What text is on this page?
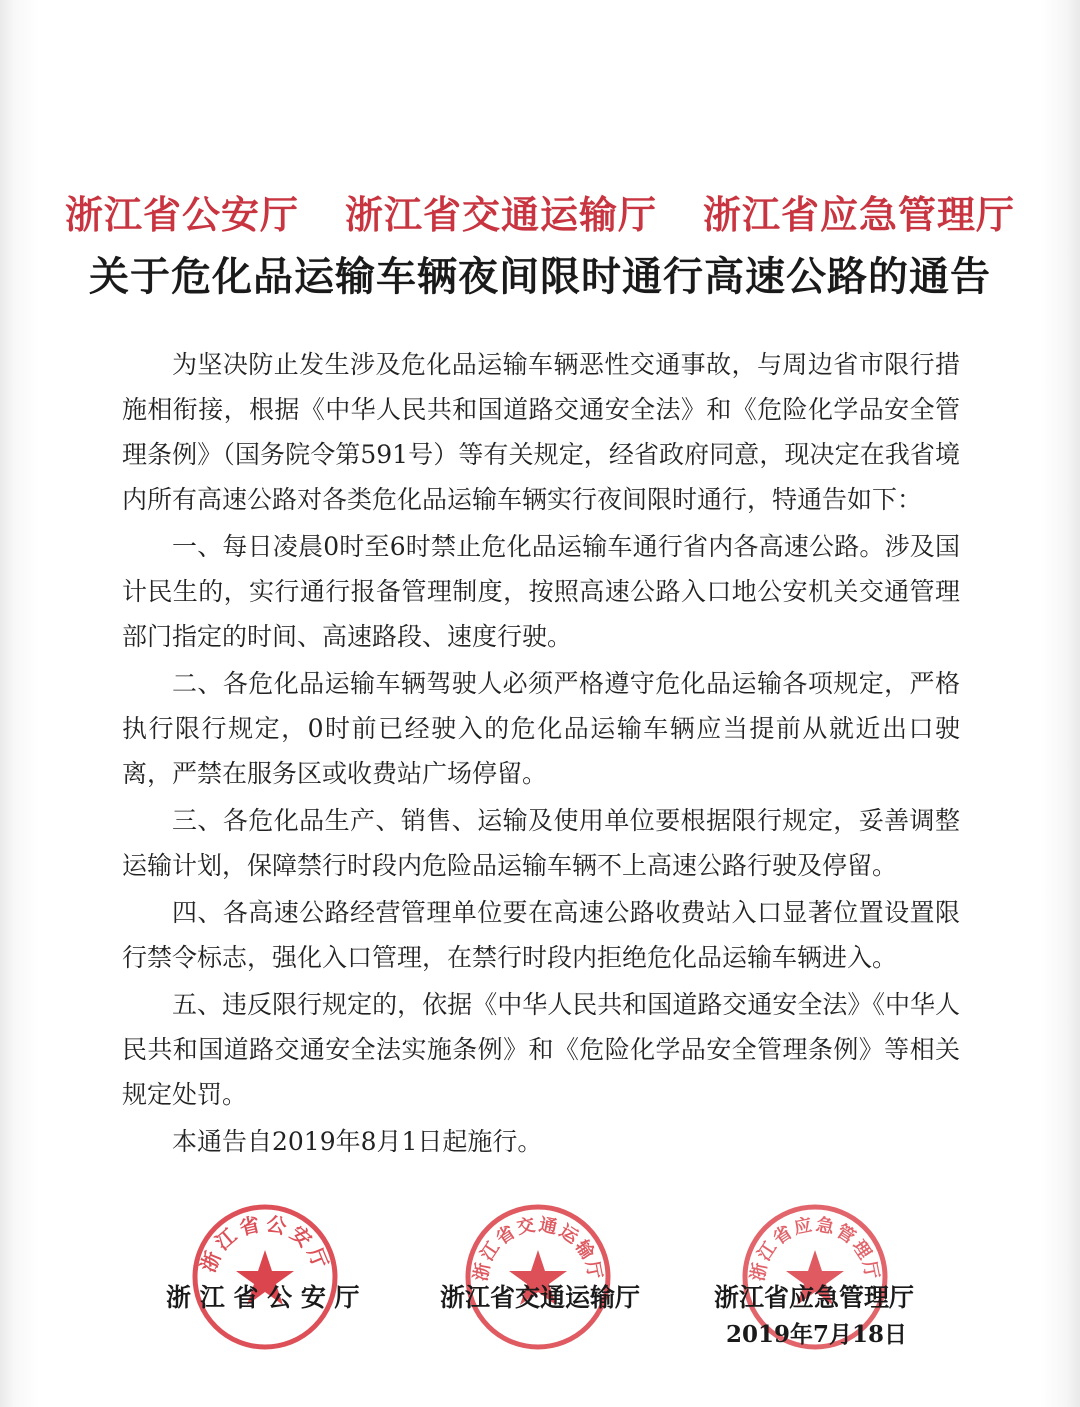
浙江省公安厅 浙江省交通运输厅 浙江省应急管理厅
关于危化品运输车辆夜间限时通行高速公路的通告

为坚决防止发生涉及危化品运输车辆恶性交通事故，与周边省市限行措施相衔接，根据《中华人民共和国道路交通安全法》和《危险化学品安全管理条例》（国务院令第591号）等有关规定，经省政府同意，现决定在我省境内所有高速公路对各类危化品运输车辆实行夜间限时通行，特通告如下：

一、每日凌晨0时至6时禁止危化品运输车通行省内各高速公路。涉及国计民生的，实行通行报备管理制度，按照高速公路入口地公安机关交通管理部门指定的时间、高速路段、速度行驶。

二、各危化品运输车辆驾驶人必须严格遵守危化品运输各项规定，严格执行限行规定，0时前已经驶入的危化品运输车辆应当提前从就近出口驶离，严禁在服务区或收费站广场停留。

三、各危化品生产、销售、运输及使用单位要根据限行规定，妥善调整运输计划，保障禁行时段内危险品运输车辆不上高速公路行驶及停留。

四、各高速公路经营管理单位要在高速公路收费站入口显著位置设置限行禁令标志，强化入口管理，在禁行时段内拒绝危化品运输车辆进入。

五、违反限行规定的，依据《中华人民共和国道路交通安全法》《中华人民共和国道路交通安全法实施条例》和《危险化学品安全管理条例》等相关规定处罚。

本通告自2019年8月1日起施行。

浙江省公安厅	浙江省交通运输厅	浙江省应急管理厅
浙 江 省 公 安 厅	浙江省交通运输厅	浙江省应急管理厅
2019年7月18日
